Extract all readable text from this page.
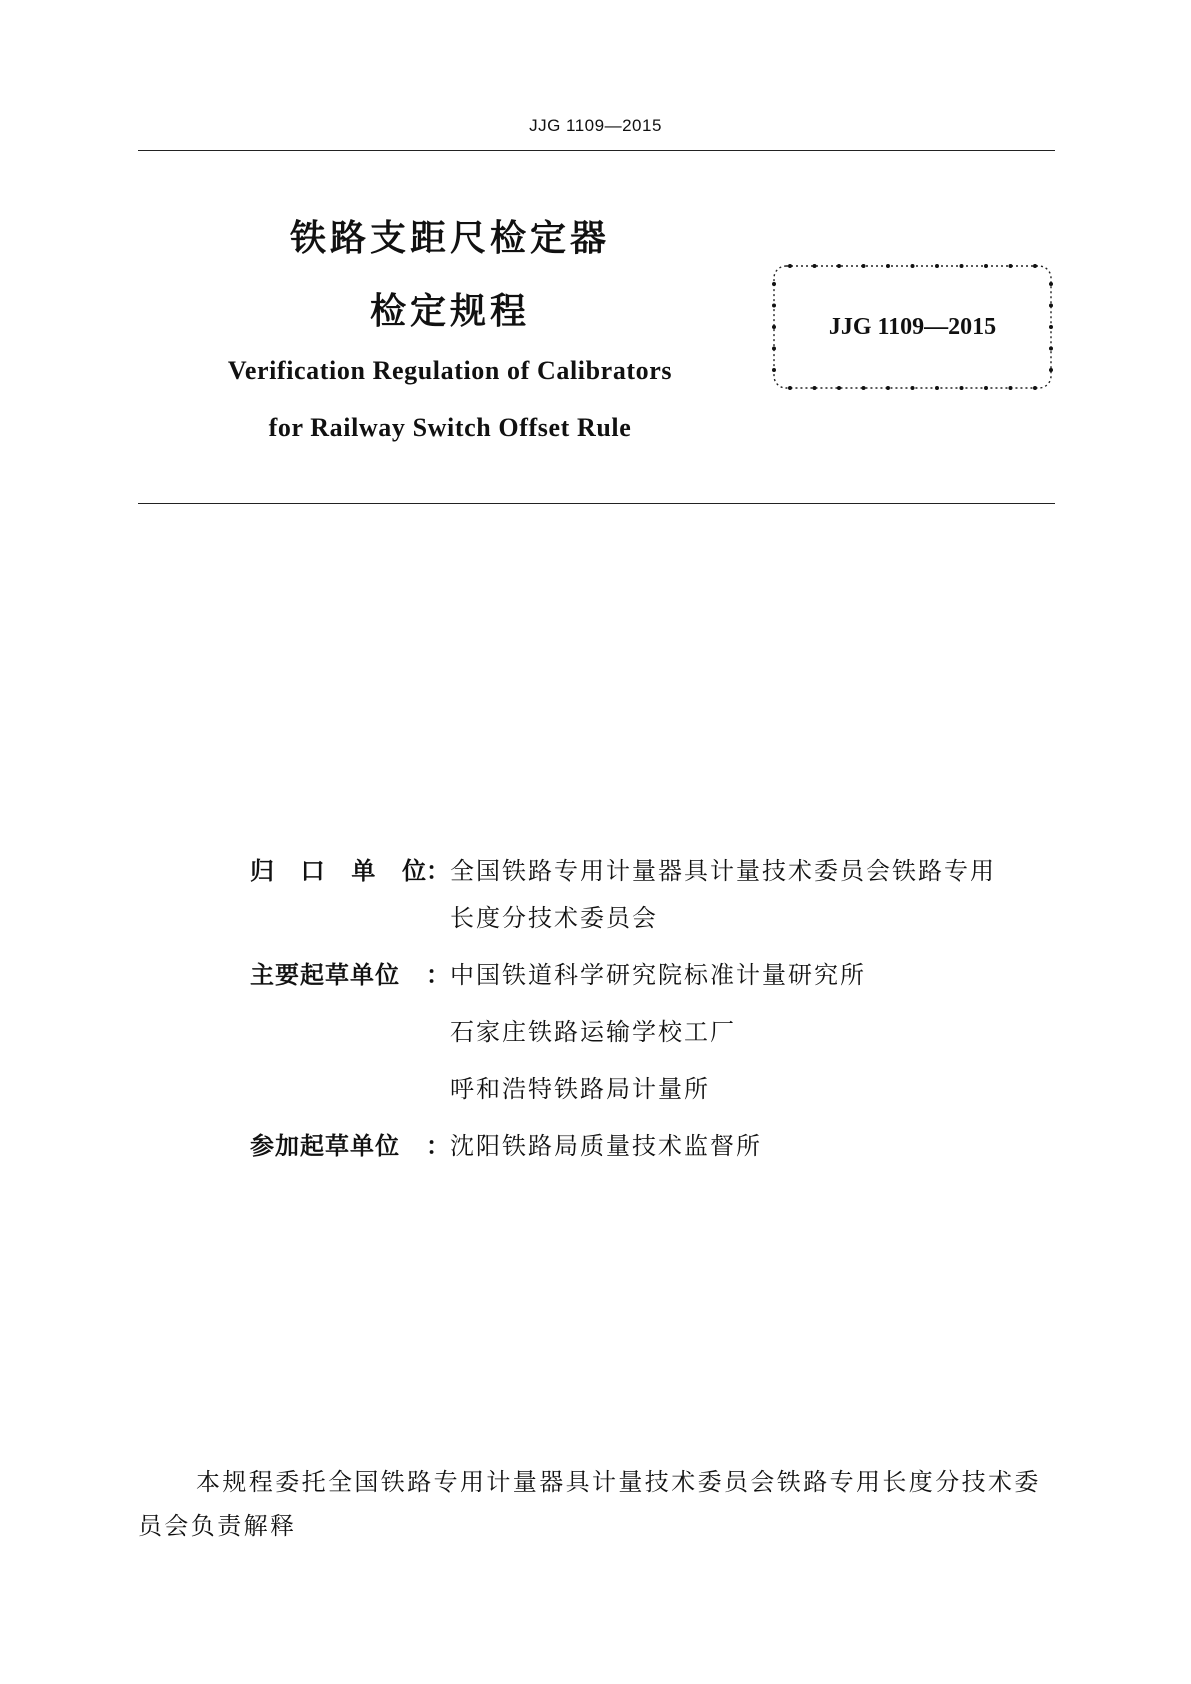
JJG 1109—2015
铁路支距尺检定器
检定规程
Verification Regulation of Calibrators
for Railway Switch Offset Rule
JJG 1109—2015
归 口 单 位 ： 全国铁路专用计量器具计量技术委员会铁路专用
长度分技术委员会
主要起草单位	： 中国铁道科学研究院标准计量研究所
石家庄铁路运输学校工厂
呼和浩特铁路局计量所
参加起草单位	： 沈阳铁路局质量技术监督所
本规程委托全国铁路专用计量器具计量技术委员会铁路专用长度分技术委员会负责解释
